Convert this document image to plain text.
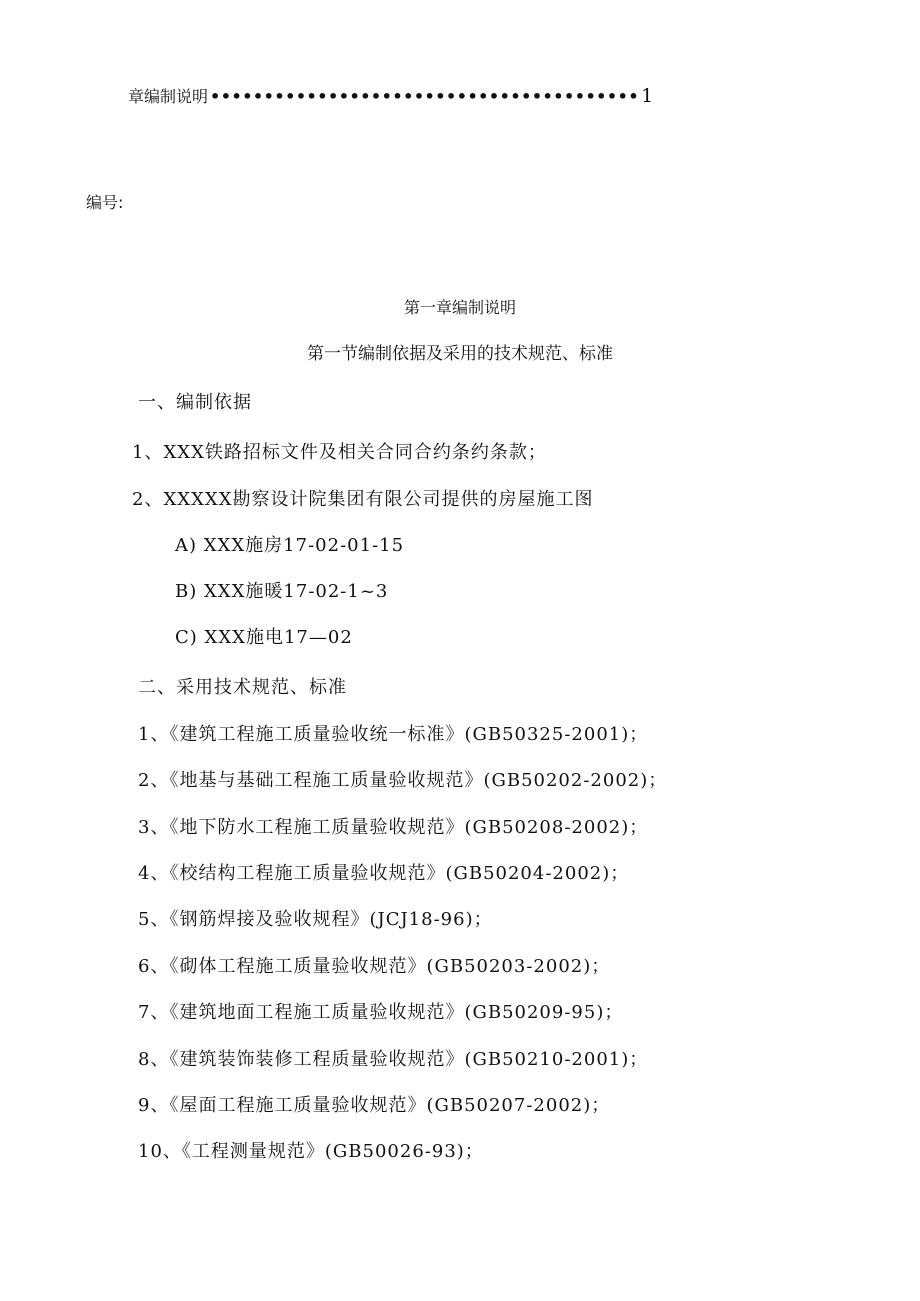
章编制说明 •••••••••••••••••••••••••••••••••••••••• 1
编号:
第一章编制说明
第一节编制依据及采用的技术规范、标准
一、编制依据
1、XXX铁路招标文件及相关合同合约条约条款；
2、XXXXX勘察设计院集团有限公司提供的房屋施工图
A) XXX施房17-02-01-15
B) XXX施暖17-02-1~3
C) XXX施电17—02
二、采用技术规范、标准
1、《建筑工程施工质量验收统一标准》(GB50325-2001)；
2、《地基与基础工程施工质量验收规范》(GB50202-2002)；
3、《地下防水工程施工质量验收规范》(GB50208-2002)；
4、《校结构工程施工质量验收规范》(GB50204-2002)；
5、《钢筋焊接及验收规程》(JCJ18-96)；
6、《砌体工程施工质量验收规范》(GB50203-2002)；
7、《建筑地面工程施工质量验收规范》(GB50209-95)；
8、《建筑装饰装修工程质量验收规范》(GB50210-2001)；
9、《屋面工程施工质量验收规范》(GB50207-2002)；
10、《工程测量规范》(GB50026-93)；
